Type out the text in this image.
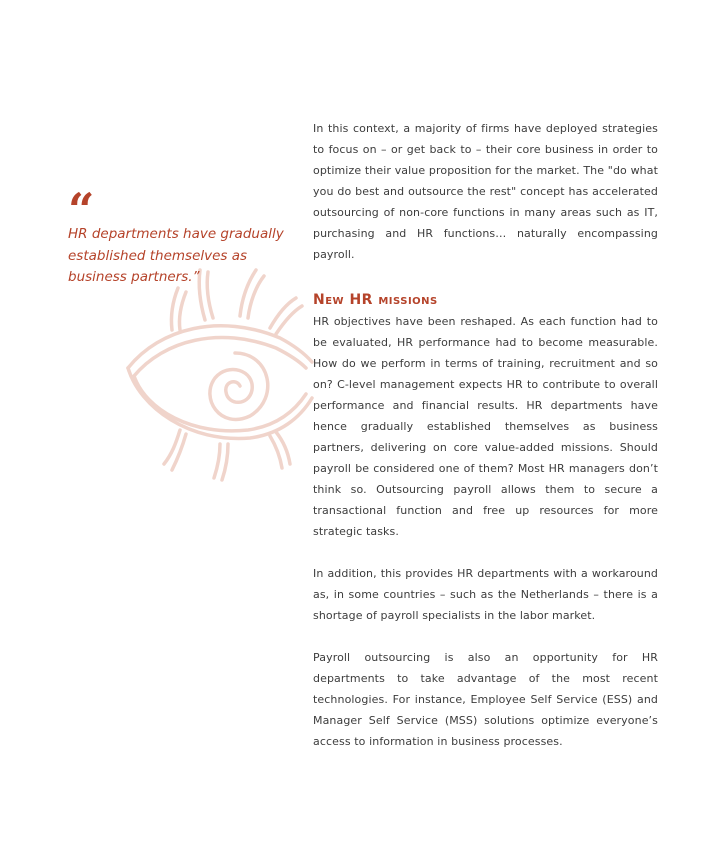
“

HR departments have gradually established themselves as business partners.”

In this context, a majority of firms have deployed strategies to focus on – or get back to – their core business in order to optimize their value proposition for the market. The "do what you do best and outsource the rest" concept has accelerated outsourcing of non-core functions in many areas such as IT, purchasing and HR functions… naturally encompassing payroll.

New HR missions

HR objectives have been reshaped. As each function had to be evaluated, HR performance had to become measurable. How do we perform in terms of training, recruitment and so on? C-level management expects HR to contribute to overall performance and financial results. HR departments have hence gradually established themselves as business partners, delivering on core value-added missions. Should payroll be considered one of them? Most HR managers don’t think so. Outsourcing payroll allows them to secure a transactional function and free up resources for more strategic tasks.

In addition, this provides HR departments with a workaround as, in some countries – such as the Netherlands – there is a shortage of payroll specialists in the labor market.

Payroll outsourcing is also an opportunity for HR departments to take advantage of the most recent technologies. For instance, Employee Self Service (ESS) and Manager Self Service (MSS) solutions optimize everyone’s access to information in business processes.
